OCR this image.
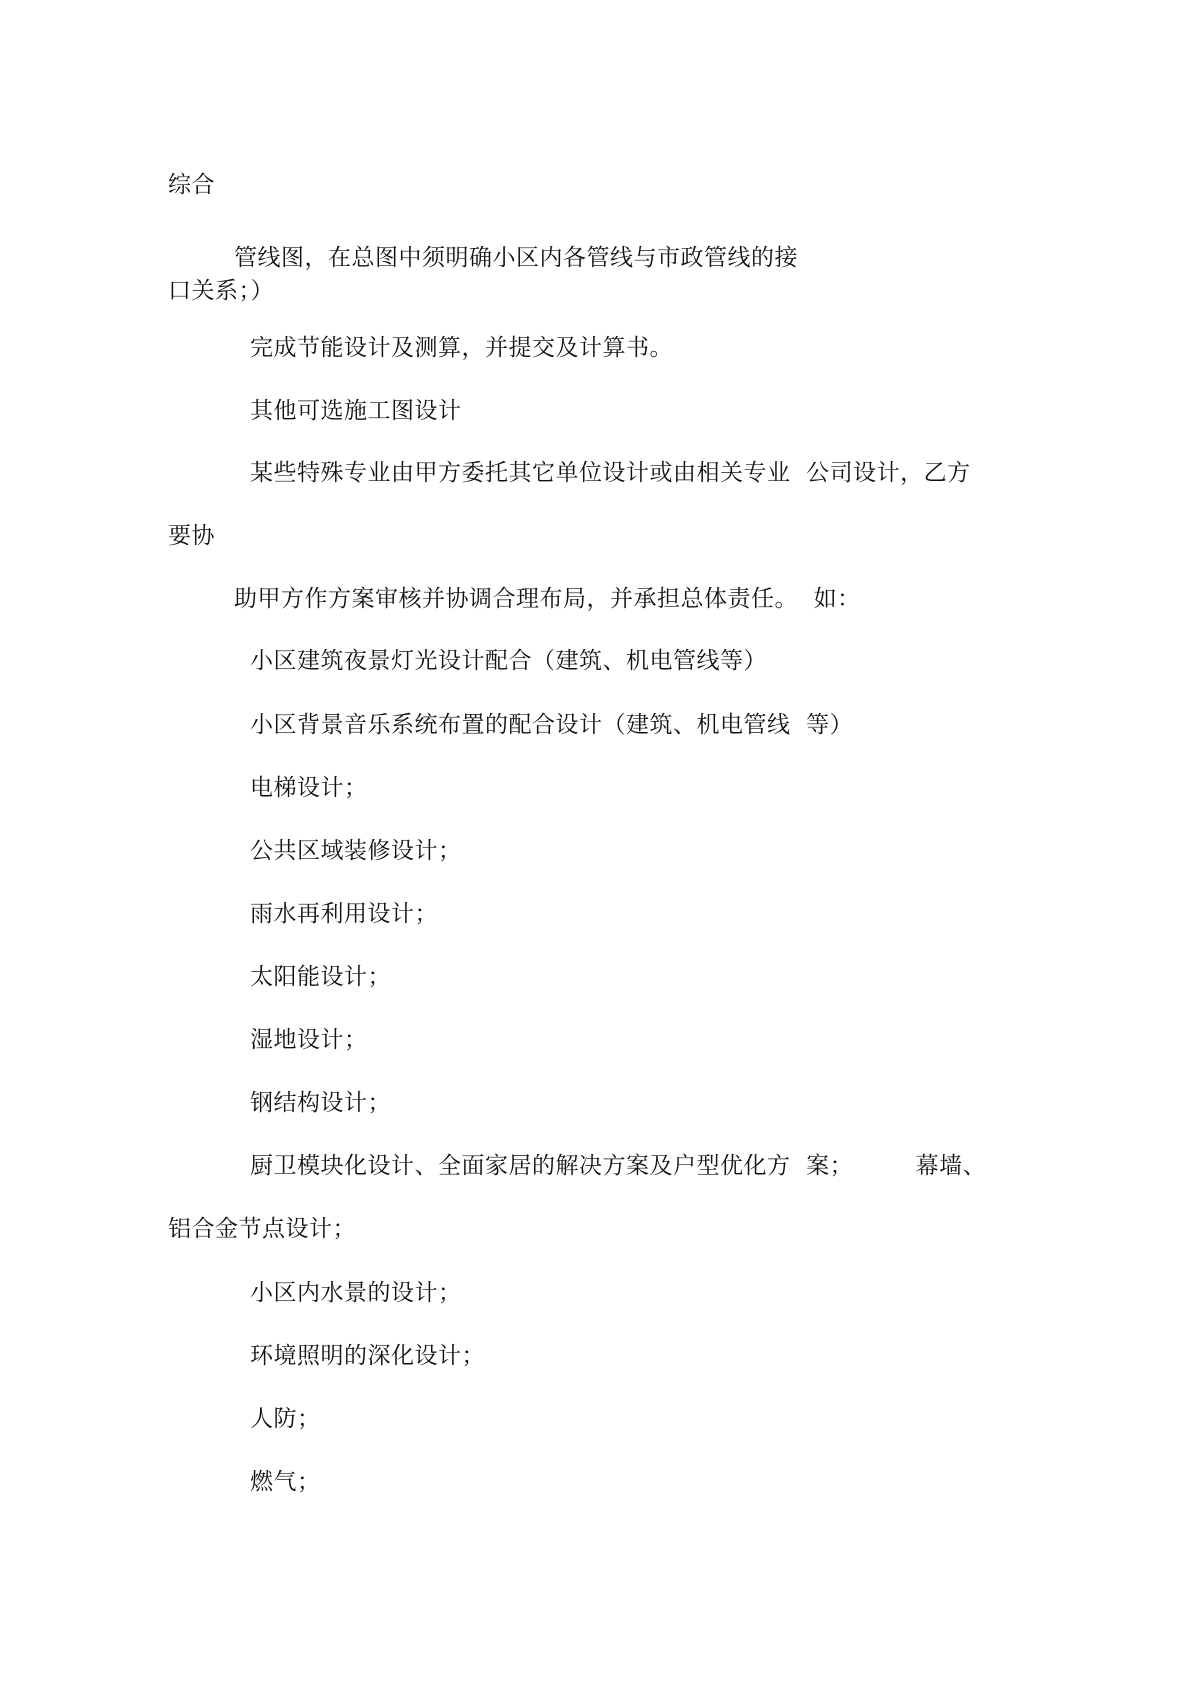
综合
管线图，在总图中须明确小区内各管线与市政管线的接
口关系；）
完成节能设计及测算，并提交及计算书。
其他可选施工图设计
某些特殊专业由甲方委托其它单位设计或由相关专业  公司设计，乙方
要协
助甲方作方案审核并协调合理布局，并承担总体责任。  如：
小区建筑夜景灯光设计配合（建筑、机电管线等）
小区背景音乐系统布置的配合设计（建筑、机电管线  等）
电梯设计；
公共区域装修设计；
雨水再利用设计；
太阳能设计；
湿地设计；
钢结构设计；
厨卫模块化设计、全面家居的解决方案及户型优化方  案；        幕墙、
铝合金节点设计；
小区内水景的设计；
环境照明的深化设计；
人防；
燃气；
